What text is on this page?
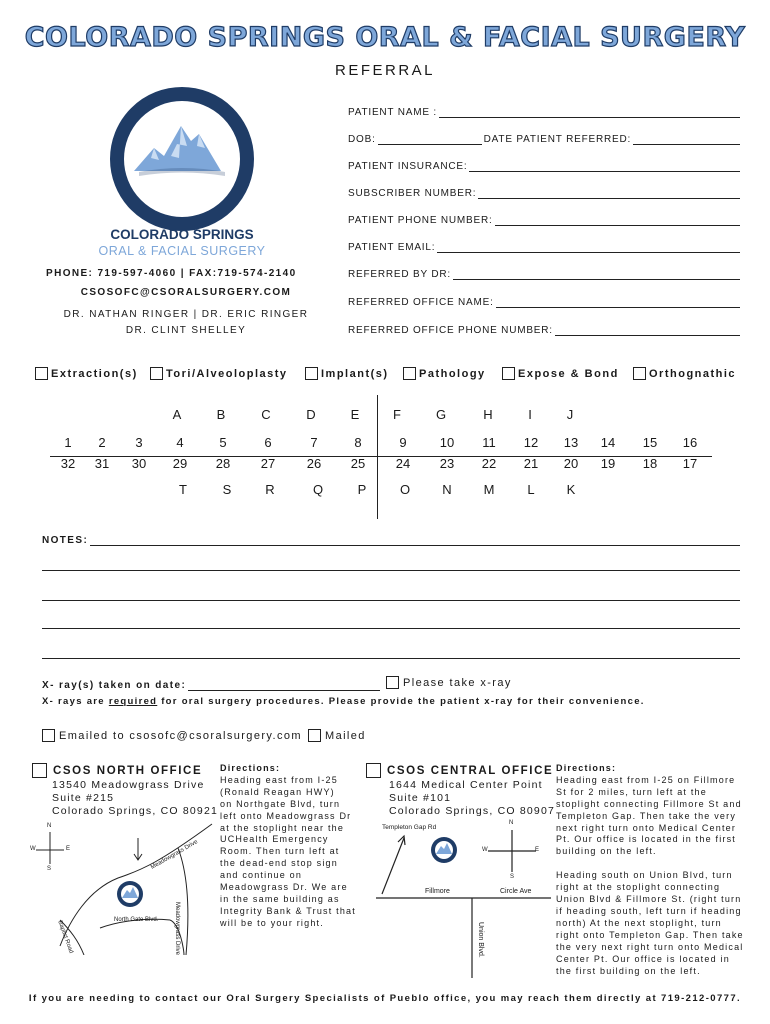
COLORADO SPRINGS ORAL & FACIAL SURGERY
REFERRAL
COLORADO SPRINGS
ORAL & FACIAL SURGERY
PHONE: 719-597-4060 | FAX:719-574-2140
CSOSOFC@CSORALSURGERY.COM
DR. NATHAN RINGER | DR. ERIC RINGER
DR. CLINT SHELLEY
PATIENT NAME :
DOB:	DATE PATIENT REFERRED:
PATIENT INSURANCE:
SUBSCRIBER NUMBER:
PATIENT PHONE NUMBER:
PATIENT EMAIL:
REFERRED BY DR:
REFERRED OFFICE NAME:
REFERRED OFFICE PHONE NUMBER:
Extraction(s)	Tori/Alveoloplasty	Implant(s)	Pathology	Expose & Bond	Orthognathic
A	B	C	D	E	F	G	H	I	J
1	2	3	4	5	6	7	8	9	10	11	12	13	14	15	16
32	31	30	29	28	27	26	25	24	23	22	21	20	19	18	17
T	S	R	Q	P	O	N	M	L	K
NOTES:
X- ray(s) taken on date:	Please take x-ray
X- rays are required for oral surgery procedures. Please provide the patient x-ray for their convenience.
Emailed to csosofc@csoralsurgery.com Mailed
CSOS NORTH OFFICE
13540 Meadowgrass Drive
Suite #215
Colorado Springs, CO 80921
Directions:
Heading east from I-25
(Ronald Reagan HWY)
on Northgate Blvd, turn
left onto Meadowgrass Dr
at the stoplight near the
UCHealth Emergency
Room. Then turn left at
the dead-end stop sign
and continue on
Meadowgrass Dr. We are
in the same building as
Integrity Bank & Trust that
will be to your right.
N
S
W	E	Meadowgrass Drive
North Gate Blvd.
Baptist Road	Meadowgrass Drive
CSOS CENTRAL OFFICE
1644 Medical Center Point
Suite #101
Colorado Springs, CO 80907
Directions:
Heading east from I-25 on Fillmore
St for 2 miles, turn left at the
stoplight connecting Fillmore St and
Templeton Gap. Then take the very
next right turn onto Medical Center
Pt. Our office is located in the first
building on the left.
Heading south on Union Blvd, turn
right at the stoplight connecting
Union Blvd & Fillmore St. (right turn
if heading south, left turn if heading
north) At the next stoplight, turn
right onto Templeton Gap. Then take
the very next right turn onto Medical
Center Pt. Our office is located in
the first building on the left.
Templeton Gap Rd
N
S
W	E
Fillmore	Circle Ave
Union Blvd.
If you are needing to contact our Oral Surgery Specialists of Pueblo office, you may reach them directly at 719-212-0777.
